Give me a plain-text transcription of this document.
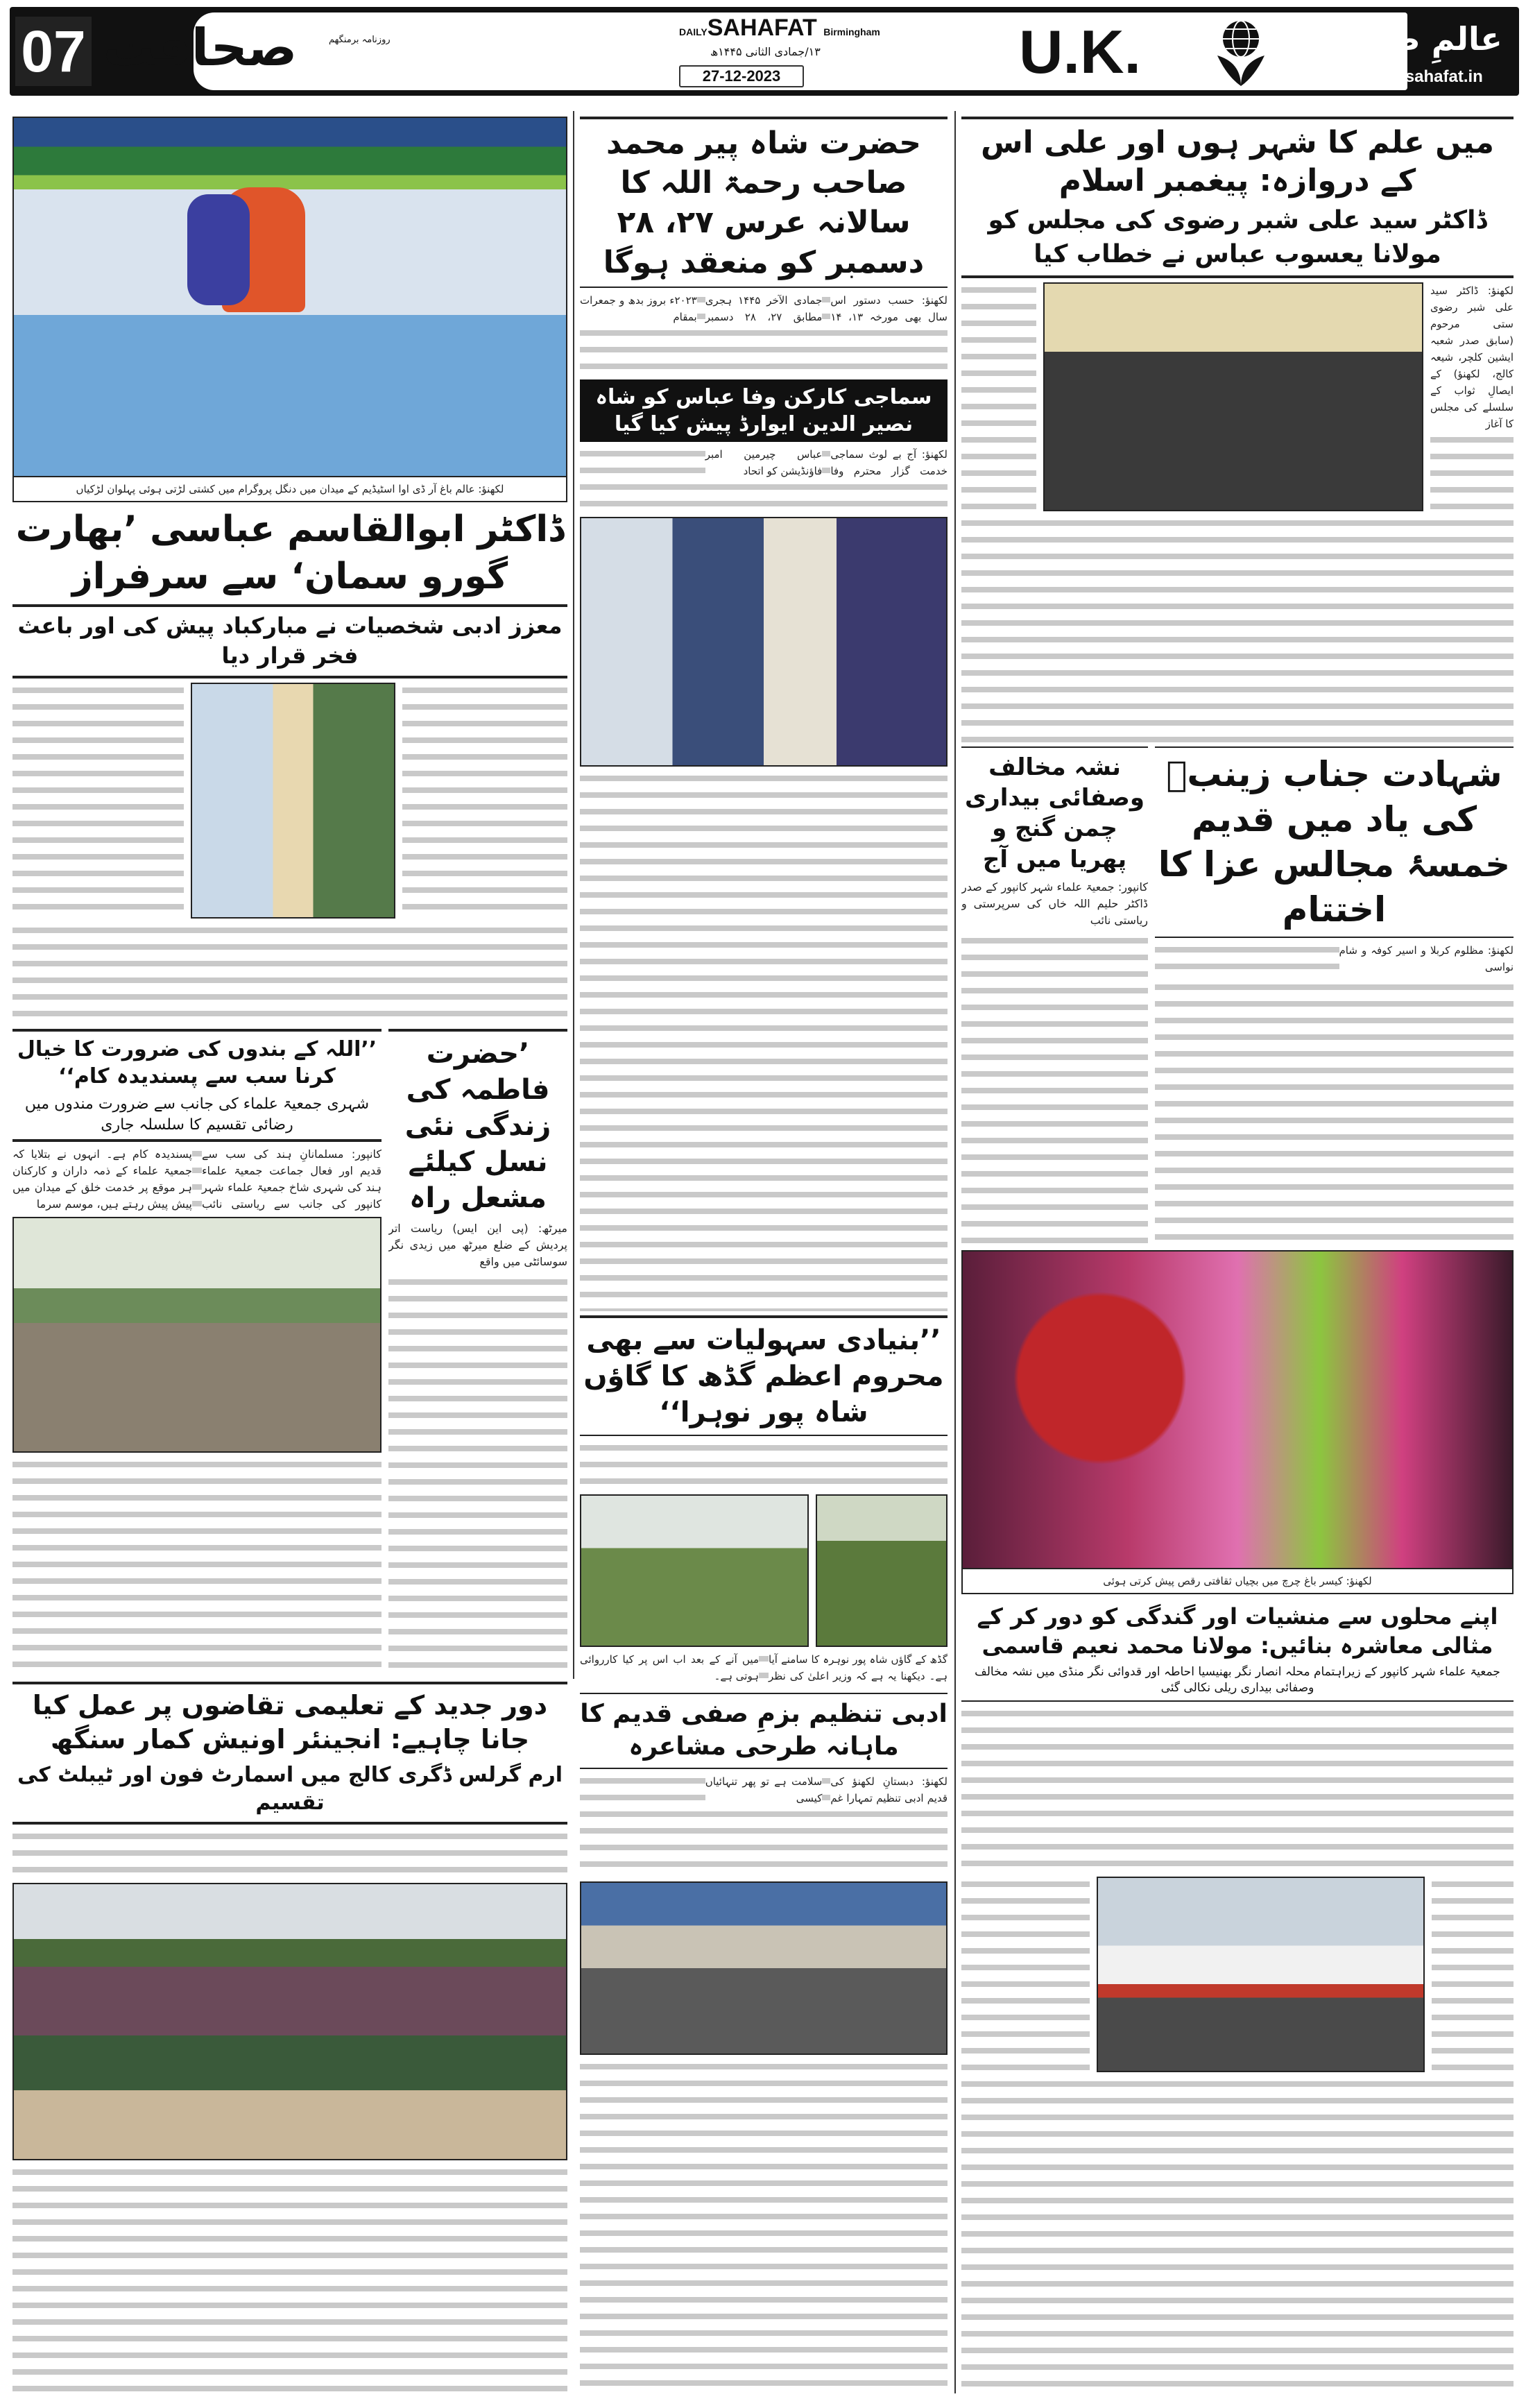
07 صحافت	روزنامہ برمنگھم
DAILYSAHAFAT Birmingham
۱۳/جمادی الثانی ۱۴۴۵ھ
27-12-2023	U.K.	عالمِ صحافت
www.sahafat.in
لکھنؤ: عالم باغ آر ڈی اوا اسٹیڈیم کے میدان میں دنگل پروگرام میں کشتی لڑتی ہوئی پہلوان لڑکیاں
ڈاکٹر ابوالقاسم عباسی ’بھارت گورو سمان‘ سے سرفراز
معزز ادبی شخصیات نے مبارکباد پیش کی اور باعث فخر قرار دیا
’حضرت فاطمہ کی زندگی نئی نسل کیلئے مشعل راہ

میرٹھ: (پی این ایس) ریاست اتر پردیش کے ضلع میرٹھ میں زیدی نگر سوسائٹی میں واقع

’’اللہ کے بندوں کی ضرورت کا خیال کرنا سب سے پسندیدہ کام‘‘
شہری جمعیۃ علماء کی جانب سے ضرورت مندوں میں رضائی تقسیم کا سلسلہ جاری

کانپور: مسلمانانِ ہند کی سب سے قدیم اور فعال جماعت جمعیۃ علماء ہند کی شہری شاخ جمعیۃ علماء شہر کانپور کی جانب سے ریاستی نائب پسندیدہ کام ہے۔ انہوں نے بتلایا کہ جمعیۃ علماء کے ذمہ داران و کارکنان ہر موقع پر خدمت خلق کے میدان میں پیش پیش رہتے ہیں، موسم سرما

حضرت شاہ پیر محمد صاحب رحمۃ اللہ کا سالانہ عرس ۲۷، ۲۸ دسمبر کو منعقد ہوگا

لکھنؤ: حسب دستور اس سال بھی مورخہ ۱۳، ۱۴ جمادی الآخر ۱۴۴۵ ہجری مطابق ۲۷، ۲۸ دسمبر ۲۰۲۳ء بروز بدھ و جمعرات بمقام

سماجی کارکن وفا عباس کو شاہ نصیر الدین ایوارڈ پیش کیا گیا

لکھنؤ: آج بے لوث سماجی خدمت گزار محترم وفا عباس چیرمین امبر فاؤنڈیشن کو اتحاد

’’بنیادی سہولیات سے بھی محروم اعظم گڈھ کا گاؤں شاہ پور نوہرا‘‘

گڈھ کے گاؤں شاہ پور نوہرہ کا سامنے آیا ہے۔ دیکھنا یہ ہے کہ وزیر اعلیٰ کی نظر میں آنے کے بعد اب اس پر کیا کارروائی ہوتی ہے۔

میں علم کا شہر ہوں اور علی اس کے دروازہ: پیغمبر اسلام
ڈاکٹر سید علی شبر رضوی کی مجلس کو مولانا یعسوب عباس نے خطاب کیا

لکھنؤ: ڈاکٹر سید علی شبر رضوی ستی مرحوم (سابق صدر شعبہ ایشین کلچر، شیعہ کالج، لکھنؤ) کے ایصالِ ثواب کے سلسلے کی مجلس کا آغاز

شہادت جناب زینبؑ کی یاد میں قدیم خمسۂ مجالس عزا کا اختتام

لکھنؤ: مظلوم کربلا و اسیر کوفہ و شام نواسی

نشہ مخالف وصفائی بیداری چمن گنج و پھریا میں آج

کانپور: جمعیۃ علماء شہر کانپور کے صدر ڈاکٹر حلیم اللہ خاں کی سرپرستی و ریاستی نائب

لکھنؤ: کیسر باغ چرچ میں بچیاں ثقافتی رقص پیش کرتی ہوئی
اپنے محلوں سے منشیات اور گندگی کو دور کر کے مثالی معاشرہ بنائیں: مولانا محمد نعیم قاسمی
جمعیۃ علماء شہر کانپور کے زیراہتمام محلہ انصار نگر بھنیسیا احاطہ اور قدوائی نگر منڈی میں نشہ مخالف وصفائی بیداری ریلی نکالی گئی
دور جدید کے تعلیمی تقاضوں پر عمل کیا جانا چاہیے: انجینئر اونیش کمار سنگھ
ارم گرلس ڈگری کالج میں اسمارٹ فون اور ٹیبلٹ کی تقسیم
ادبی تنظیم بزمِ صفی قدیم کا ماہانہ طرحی مشاعرہ

لکھنؤ: دبستانِ لکھنؤ کی قدیم ادبی تنظیم تمہارا غم سلامت ہے تو پھر تنہائیاں کیسی
